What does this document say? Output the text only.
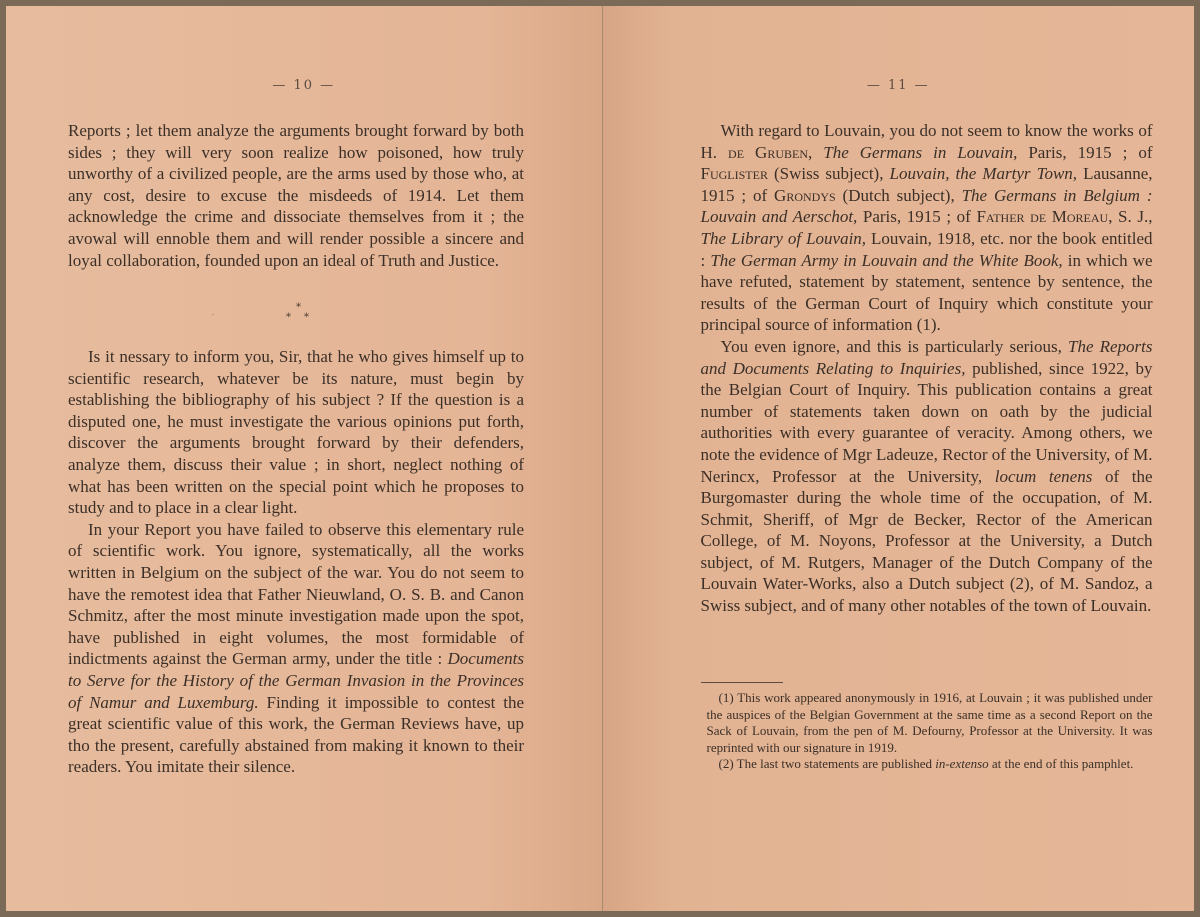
— 10 —

Reports ; let them analyze the arguments brought forward by both sides ; they will very soon realize how poisoned, how truly unworthy of a civilized people, are the arms used by those who, at any cost, desire to excuse the misdeeds of 1914. Let them acknowledge the crime and dissociate themselves from it ; the avowal will ennoble them and will render possible a sincere and loyal collaboration, founded upon an ideal of Truth and Justice.

*
* *
·

Is it nessary to inform you, Sir, that he who gives himself up to scientific research, whatever be its nature, must begin by establishing the bibliography of his subject ? If the question is a disputed one, he must investigate the various opinions put forth, discover the arguments brought forward by their defenders, analyze them, discuss their value ; in short, neglect nothing of what has been written on the special point which he proposes to study and to place in a clear light.

In your Report you have failed to observe this elementary rule of scientific work. You ignore, systematically, all the works written in Belgium on the subject of the war. You do not seem to have the remotest idea that Father Nieuwland, O. S. B. and Canon Schmitz, after the most minute investigation made upon the spot, have published in eight volumes, the most formidable of indictments against the German army, under the title : Documents to Serve for the History of the German Invasion in the Provinces of Namur and Luxemburg. Finding it impossible to contest the great scientific value of this work, the German Reviews have, up tho the present, carefully abstained from making it known to their readers. You imitate their silence.

— 11 —

With regard to Louvain, you do not seem to know the works of H. de Gruben, The Germans in Louvain, Paris, 1915 ; of Fuglister (Swiss subject), Louvain, the Martyr Town, Lausanne, 1915 ; of Grondys (Dutch subject), The Germans in Belgium : Louvain and Aerschot, Paris, 1915 ; of Father de Moreau, S. J., The Library of Louvain, Louvain, 1918, etc. nor the book entitled : The German Army in Louvain and the White Book, in which we have refuted, statement by statement, sentence by sentence, the results of the German Court of Inquiry which constitute your principal source of information (1).

You even ignore, and this is particularly serious, The Reports and Documents Relating to Inquiries, published, since 1922, by the Belgian Court of Inquiry. This publication contains a great number of statements taken down on oath by the judicial authorities with every guarantee of veracity. Among others, we note the evidence of Mgr Ladeuze, Rector of the University, of M. Nerincx, Professor at the University, locum tenens of the Burgomaster during the whole time of the occupation, of M. Schmit, Sheriff, of Mgr de Becker, Rector of the American College, of M. Noyons, Professor at the University, a Dutch subject, of M. Rutgers, Manager of the Dutch Company of the Louvain Water-Works, also a Dutch subject (2), of M. Sandoz, a Swiss subject, and of many other notables of the town of Louvain.

(1) This work appeared anonymously in 1916, at Louvain ; it was published under the auspices of the Belgian Government at the same time as a second Report on the Sack of Louvain, from the pen of M. Defourny, Professor at the University. It was reprinted with our signature in 1919.

(2) The last two statements are published in-extenso at the end of this pamphlet.
